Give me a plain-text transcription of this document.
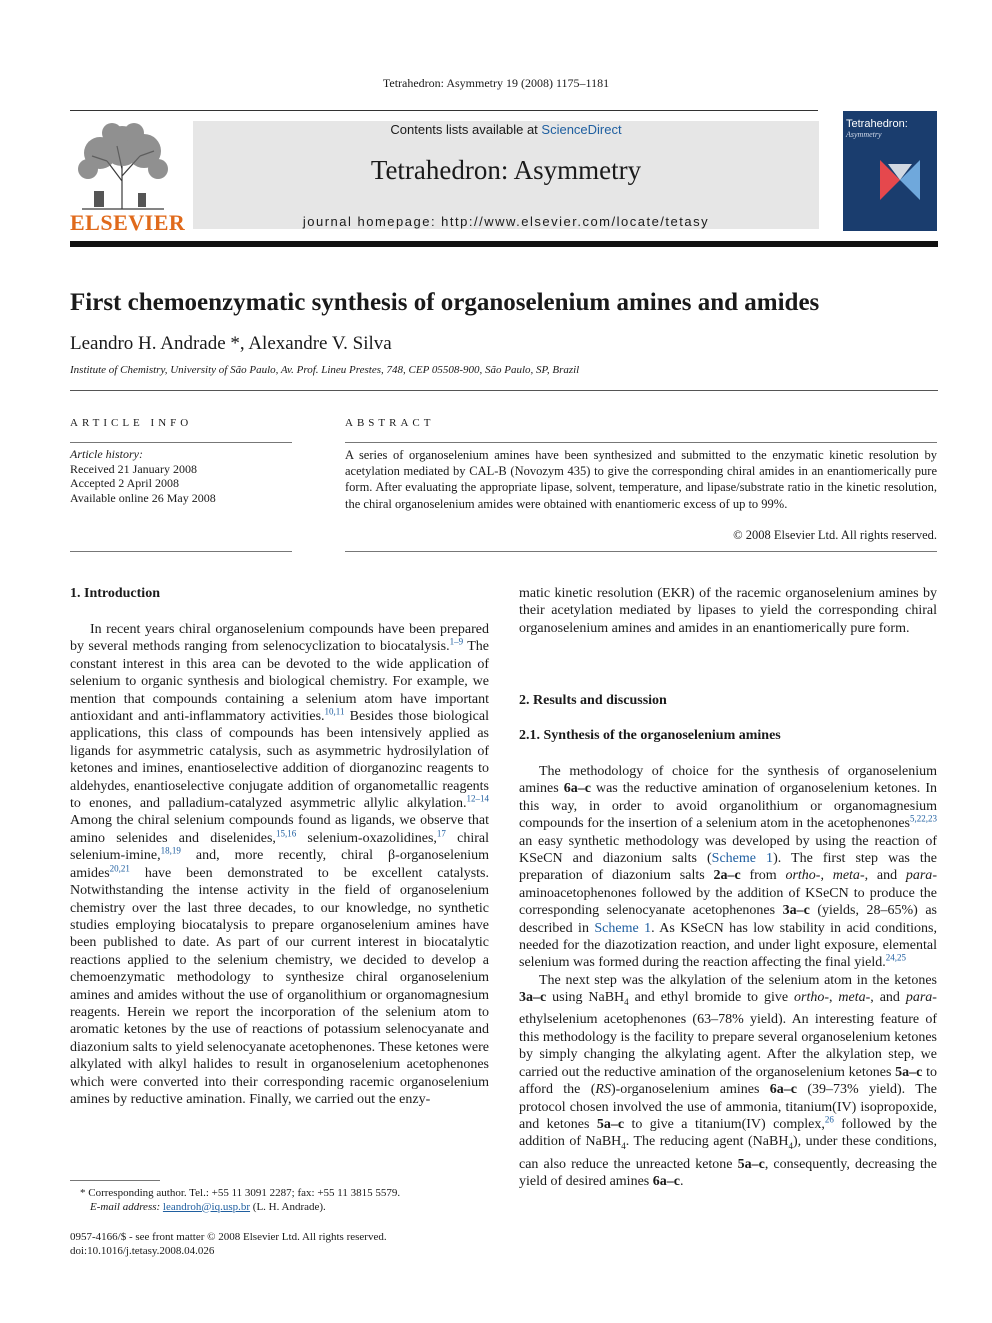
Tetrahedron: Asymmetry 19 (2008) 1175–1181
ELSEVIER
Contents lists available at ScienceDirect
Tetrahedron: Asymmetry
journal homepage: http://www.elsevier.com/locate/tetasy
Tetrahedron:
Asymmetry
First chemoenzymatic synthesis of organoselenium amines and amides
Leandro H. Andrade *, Alexandre V. Silva
Institute of Chemistry, University of São Paulo, Av. Prof. Lineu Prestes, 748, CEP 05508-900, São Paulo, SP, Brazil
ARTICLE INFO
Article history:
Received 21 January 2008
Accepted 2 April 2008
Available online 26 May 2008
ABSTRACT
A series of organoselenium amines have been synthesized and submitted to the enzymatic kinetic resolution by acetylation mediated by CAL-B (Novozym 435) to give the corresponding chiral amides in an enantiomerically pure form. After evaluating the appropriate lipase, solvent, temperature, and lipase/substrate ratio in the kinetic resolution, the chiral organoselenium amides were obtained with enantiomeric excess of up to 99%.
© 2008 Elsevier Ltd. All rights reserved.
1. Introduction

In recent years chiral organoselenium compounds have been prepared by several methods ranging from selenocyclization to biocatalysis.$^{1-9}$ The constant interest in this area can be devoted to the wide application of selenium to organic synthesis and biological chemistry. For example, we mention that compounds containing a selenium atom have important antioxidant and anti-inflammatory activities.$^{10,11}$ Besides those biological applications, this class of compounds has been intensively applied as ligands for asymmetric catalysis, such as asymmetric hydrosilylation of ketones and imines, enantioselective addition of diorganozinc reagents to aldehydes, enantioselective conjugate addition of organometallic reagents to enones, and palladium-catalyzed asymmetric allylic alkylation.$^{12-14}$ Among the chiral selenium compounds found as ligands, we observe that amino selenides and diselenides,$^{15,16}$ selenium-oxazolidines,$^{17}$ chiral selenium-imine,$^{18,19}$ and, more recently, chiral β-organoselenium amides$^{20,21}$ have been demonstrated to be excellent catalysts. Notwithstanding the intense activity in the field of organoselenium chemistry over the last three decades, to our knowledge, no synthetic studies employing biocatalysis to prepare organoselenium amines have been published to date. As part of our current interest in biocatalytic reactions applied to the selenium chemistry, we decided to develop a chemoenzymatic methodology to synthesize chiral organoselenium amines and amides without the use of organolithium or organomagnesium reagents. Herein we report the incorporation of the selenium atom to aromatic ketones by the use of reactions of potassium selenocyanate and diazonium salts to yield selenocyanate acetophenones. These ketones were alkylated with alkyl halides to result in organoselenium acetophenones which were converted into their corresponding racemic organoselenium amines by reductive amination. Finally, we carried out the enzy-

* Corresponding author. Tel.: +55 11 3091 2287; fax: +55 11 3815 5579.
E-mail address: leandroh@iq.usp.br (L. H. Andrade).
0957-4166/$ - see front matter © 2008 Elsevier Ltd. All rights reserved.
doi:10.1016/j.tetasy.2008.04.026

matic kinetic resolution (EKR) of the racemic organoselenium amines by their acetylation mediated by lipases to yield the corresponding chiral organoselenium amines and amides in an enantiomerically pure form.

2. Results and discussion
2.1. Synthesis of the organoselenium amines

The methodology of choice for the synthesis of organoselenium amines 6a–c was the reductive amination of organoselenium ketones. In this way, in order to avoid organolithium or organomagnesium compounds for the insertion of a selenium atom in the acetophenones$^{5,22,23}$ an easy synthetic methodology was developed by using the reaction of KSeCN and diazonium salts (Scheme 1). The first step was the preparation of diazonium salts 2a–c from ortho-, meta-, and para-aminoacetophenones followed by the addition of KSeCN to produce the corresponding selenocyanate acetophenones 3a–c (yields, 28–65%) as described in Scheme 1. As KSeCN has low stability in acid conditions, needed for the diazotization reaction, and under light exposure, elemental selenium was formed during the reaction affecting the final yield.$^{24,25}$

The next step was the alkylation of the selenium atom in the ketones 3a–c using NaBH$_4$ and ethyl bromide to give ortho-, meta-, and para-ethylselenium acetophenones (63–78% yield). An interesting feature of this methodology is the facility to prepare several organoselenium ketones by simply changing the alkylating agent. After the alkylation step, we carried out the reductive amination of the organoselenium ketones 5a–c to afford the (RS)-organoselenium amines 6a–c (39–73% yield). The protocol chosen involved the use of ammonia, titanium(IV) isopropoxide, and ketones 5a–c to give a titanium(IV) complex,$^{26}$ followed by the addition of NaBH$_4$. The reducing agent (NaBH$_4$), under these conditions, can also reduce the unreacted ketone 5a–c, consequently, decreasing the yield of desired amines 6a–c.
